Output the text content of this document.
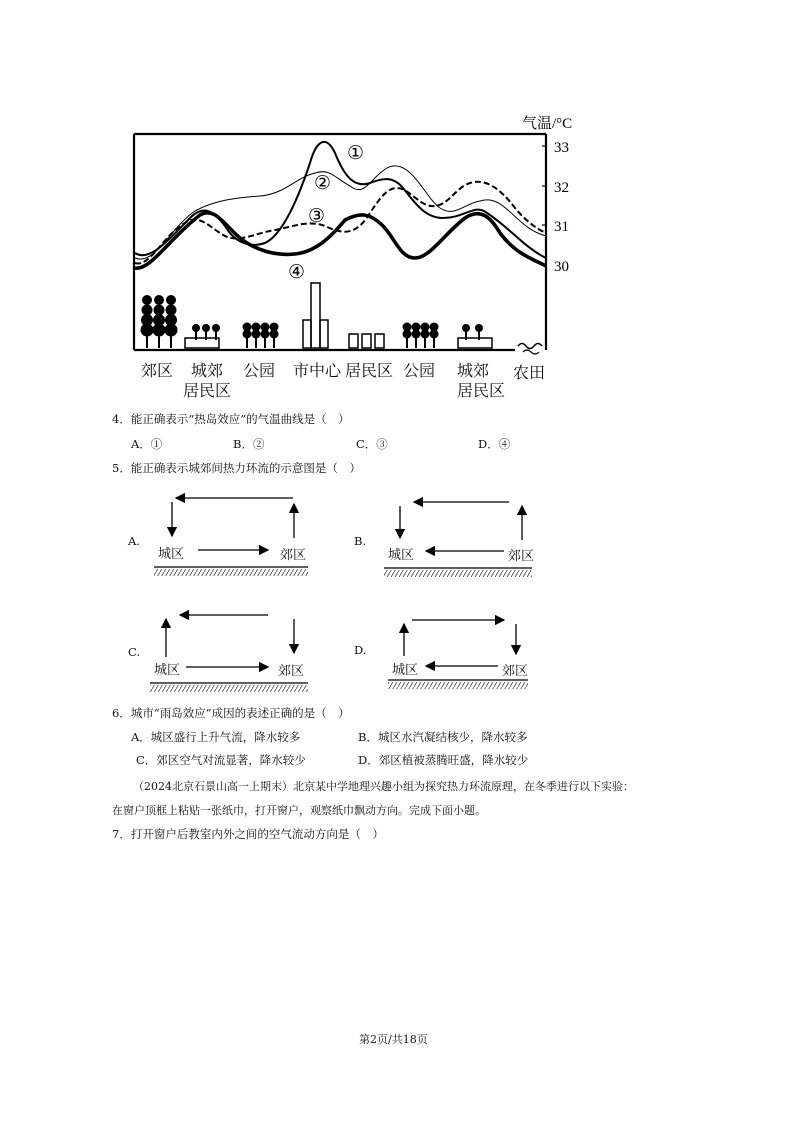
①
②
③
④
气温/°C
33
32
31
30
郊区 城郊
居民区
公园 市中心 居民区 公园 城郊
居民区
农田
4．能正确表示“热岛效应”的气温曲线是（　）
A．①	B．②	C．③	D．④
5．能正确表示城郊间热力环流的示意图是（　）
A.
城区	郊区
B.
城区	郊区
C.
城区	郊区
D.
城区	郊区
6．城市“雨岛效应”成因的表述正确的是（　）
A．城区盛行上升气流，降水较多	B．城区水汽凝结核少，降水较多
C．郊区空气对流显著，降水较少	D．郊区植被蒸腾旺盛，降水较少
（2024北京石景山高一上期末）北京某中学地理兴趣小组为探究热力环流原理，在冬季进行以下实验：
在窗户顶框上粘贴一张纸巾，打开窗户，观察纸巾飘动方向。完成下面小题。
7．打开窗户后教室内外之间的空气流动方向是（　）
第2页/共18页
